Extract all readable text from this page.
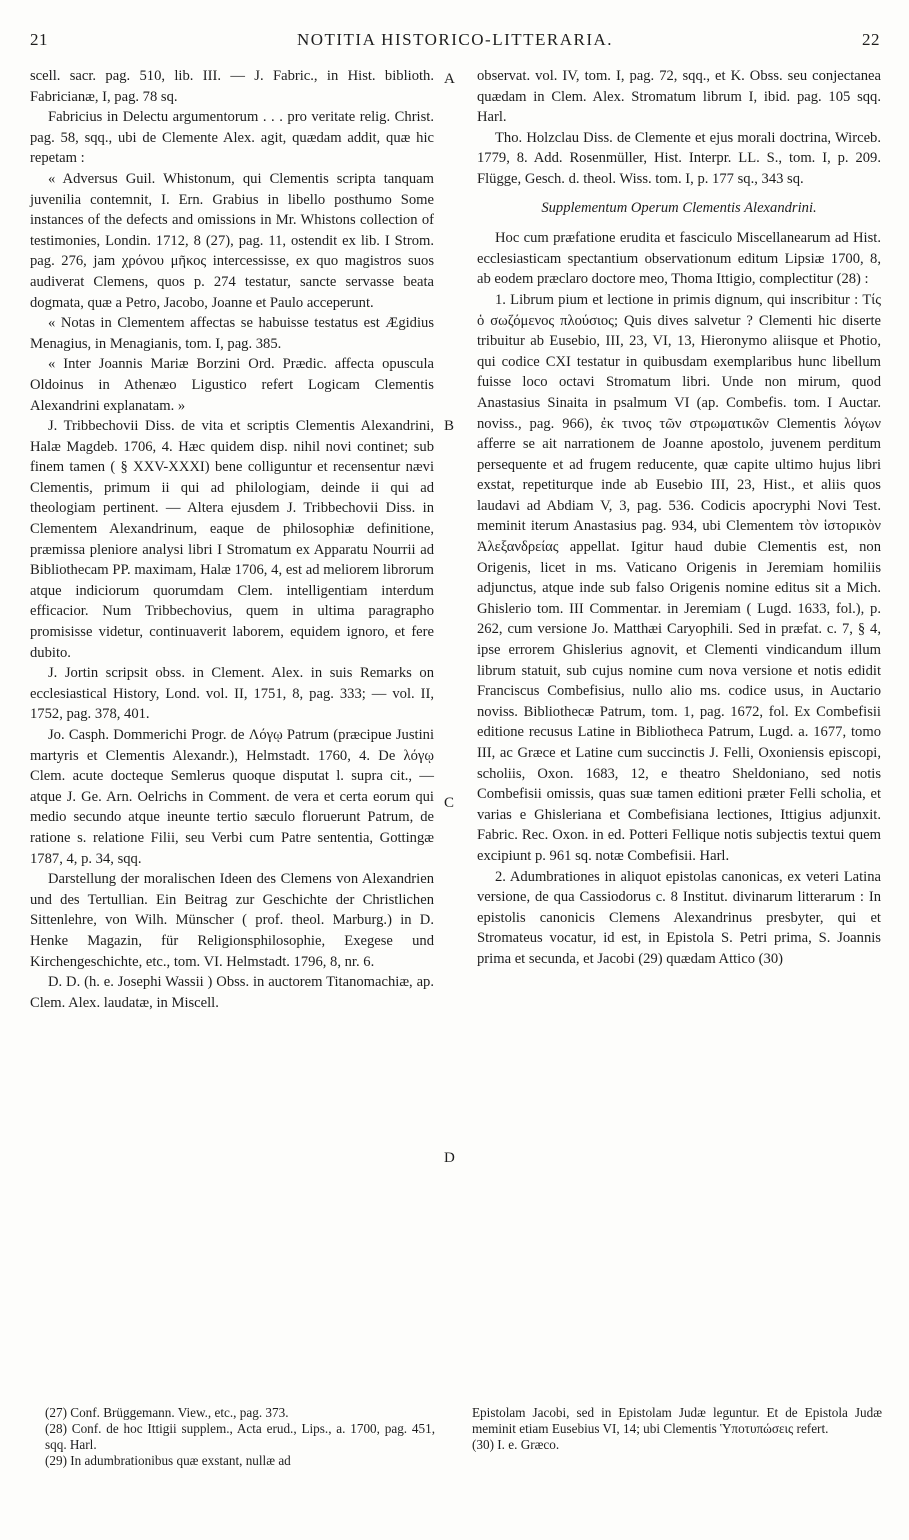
21	NOTITIA HISTORICO-LITTERARIA.	22
A
B
C
D

scell. sacr. pag. 510, lib. III. — J. Fabric., in Hist. biblioth. Fabricianæ, I, pag. 78 sq.

Fabricius in Delectu argumentorum . . . pro veritate relig. Christ. pag. 58, sqq., ubi de Clemente Alex. agit, quædam addit, quæ hic repetam :

« Adversus Guil. Whistonum, qui Clementis scripta tanquam juvenilia contemnit, I. Ern. Grabius in libello posthumo Some instances of the defects and omissions in Mr. Whistons collection of testimonies, Londin. 1712, 8 (27), pag. 11, ostendit ex lib. I Strom. pag. 276, jam χρόνου μῆκος intercessisse, ex quo magistros suos audiverat Clemens, quos p. 274 testatur, sancte servasse beata dogmata, quæ a Petro, Jacobo, Joanne et Paulo acceperunt.

« Notas in Clementem affectas se habuisse testatus est Ægidius Menagius, in Menagianis, tom. I, pag. 385.

« Inter Joannis Mariæ Borzini Ord. Prædic. affecta opuscula Oldoinus in Athenæo Ligustico refert Logicam Clementis Alexandrini explanatam. »

J. Tribbechovii Diss. de vita et scriptis Clementis Alexandrini, Halæ Magdeb. 1706, 4. Hæc quidem disp. nihil novi continet; sub finem tamen ( § XXV-XXXI) bene colliguntur et recensentur nævi Clementis, primum ii qui ad philologiam, deinde ii qui ad theologiam pertinent. — Altera ejusdem J. Tribbechovii Diss. in Clementem Alexandrinum, eaque de philosophiæ definitione, præmissa pleniore analysi libri I Stromatum ex Apparatu Nourrii ad Bibliothecam PP. maximam, Halæ 1706, 4, est ad meliorem librorum atque indiciorum quorumdam Clem. intelligentiam interdum efficacior. Num Tribbechovius, quem in ultima paragrapho promisisse videtur, continuaverit laborem, equidem ignoro, et fere dubito.

J. Jortin scripsit obss. in Clement. Alex. in suis Remarks on ecclesiastical History, Lond. vol. II, 1751, 8, pag. 333; — vol. II, 1752, pag. 378, 401.

Jo. Casph. Dommerichi Progr. de Λόγῳ Patrum (præcipue Justini martyris et Clementis Alexandr.), Helmstadt. 1760, 4. De λόγῳ Clem. acute docteque Semlerus quoque disputat l. supra cit., — atque J. Ge. Arn. Oelrichs in Comment. de vera et certa eorum qui medio secundo atque ineunte tertio sæculo floruerunt Patrum, de ratione s. relatione Filii, seu Verbi cum Patre sententia, Gottingæ 1787, 4, p. 34, sqq.

Darstellung der moralischen Ideen des Clemens von Alexandrien und des Tertullian. Ein Beitrag zur Geschichte der Christlichen Sittenlehre, von Wilh. Münscher ( prof. theol. Marburg.) in D. Henke Magazin, für Religionsphilosophie, Exegese und Kirchengeschichte, etc., tom. VI. Helmstadt. 1796, 8, nr. 6.

D. D. (h. e. Josephi Wassii ) Obss. in auctorem Titanomachiæ, ap. Clem. Alex. laudatæ, in Miscell.

observat. vol. IV, tom. I, pag. 72, sqq., et K. Obss. seu conjectanea quædam in Clem. Alex. Stromatum librum I, ibid. pag. 105 sqq. Harl.

Tho. Holzclau Diss. de Clemente et ejus morali doctrina, Wirceb. 1779, 8. Add. Rosenmüller, Hist. Interpr. LL. S., tom. I, p. 209. Flügge, Gesch. d. theol. Wiss. tom. I, p. 177 sq., 343 sq.

Supplementum Operum Clementis Alexandrini.

Hoc cum præfatione erudita et fasciculo Miscellanearum ad Hist. ecclesiasticam spectantium observationum editum Lipsiæ 1700, 8, ab eodem præclaro doctore meo, Thoma Ittigio, complectitur (28) :

1. Librum pium et lectione in primis dignum, qui inscribitur : Τίς ὁ σωζόμενος πλούσιος; Quis dives salvetur ? Clementi hic diserte tribuitur ab Eusebio, III, 23, VI, 13, Hieronymo aliisque et Photio, qui codice CXI testatur in quibusdam exemplaribus hunc libellum fuisse loco octavi Stromatum libri. Unde non mirum, quod Anastasius Sinaita in psalmum VI (ap. Combefis. tom. I Auctar. noviss., pag. 966), ἐκ τινος τῶν στρωματικῶν Clementis λόγων afferre se ait narrationem de Joanne apostolo, juvenem perditum persequente et ad frugem reducente, quæ capite ultimo hujus libri exstat, repetiturque inde ab Eusebio III, 23, Hist., et aliis quos laudavi ad Abdiam V, 3, pag. 536. Codicis apocryphi Novi Test. meminit iterum Anastasius pag. 934, ubi Clementem τὸν ἱστορικὸν Ἀλεξανδρείας appellat. Igitur haud dubie Clementis est, non Origenis, licet in ms. Vaticano Origenis in Jeremiam homiliis adjunctus, atque inde sub falso Origenis nomine editus sit a Mich. Ghislerio tom. III Commentar. in Jeremiam ( Lugd. 1633, fol.), p. 262, cum versione Jo. Matthæi Caryophili. Sed in præfat. c. 7, § 4, ipse errorem Ghislerius agnovit, et Clementi vindicandum illum librum statuit, sub cujus nomine cum nova versione et notis edidit Franciscus Combefisius, nullo alio ms. codice usus, in Auctario noviss. Bibliothecæ Patrum, tom. 1, pag. 1672, fol. Ex Combefisii editione recusus Latine in Bibliotheca Patrum, Lugd. a. 1677, tomo III, ac Græce et Latine cum succinctis J. Felli, Oxoniensis episcopi, scholiis, Oxon. 1683, 12, e theatro Sheldoniano, sed notis Combefisii omissis, quas suæ tamen editioni præter Felli scholia, et varias e Ghisleriana et Combefisiana lectiones, Ittigius adjunxit. Fabric. Rec. Oxon. in ed. Potteri Fellique notis subjectis textui quem excipiunt p. 961 sq. notæ Combefisii. Harl.

2. Adumbrationes in aliquot epistolas canonicas, ex veteri Latina versione, de qua Cassiodorus c. 8 Institut. divinarum litterarum : In epistolis canonicis Clemens Alexandrinus presbyter, qui et Stromateus vocatur, id est, in Epistola S. Petri prima, S. Joannis prima et secunda, et Jacobi (29) quædam Attico (30)

(27) Conf. Brüggemann. View., etc., pag. 373.

(28) Conf. de hoc Ittigii supplem., Acta erud., Lips., a. 1700, pag. 451, sqq. Harl.

(29) In adumbrationibus quæ exstant, nullæ ad

Epistolam Jacobi, sed in Epistolam Judæ leguntur. Et de Epistola Judæ meminit etiam Eusebius VI, 14; ubi Clementis Ὑποτυπώσεις refert.

(30) I. e. Græco.
